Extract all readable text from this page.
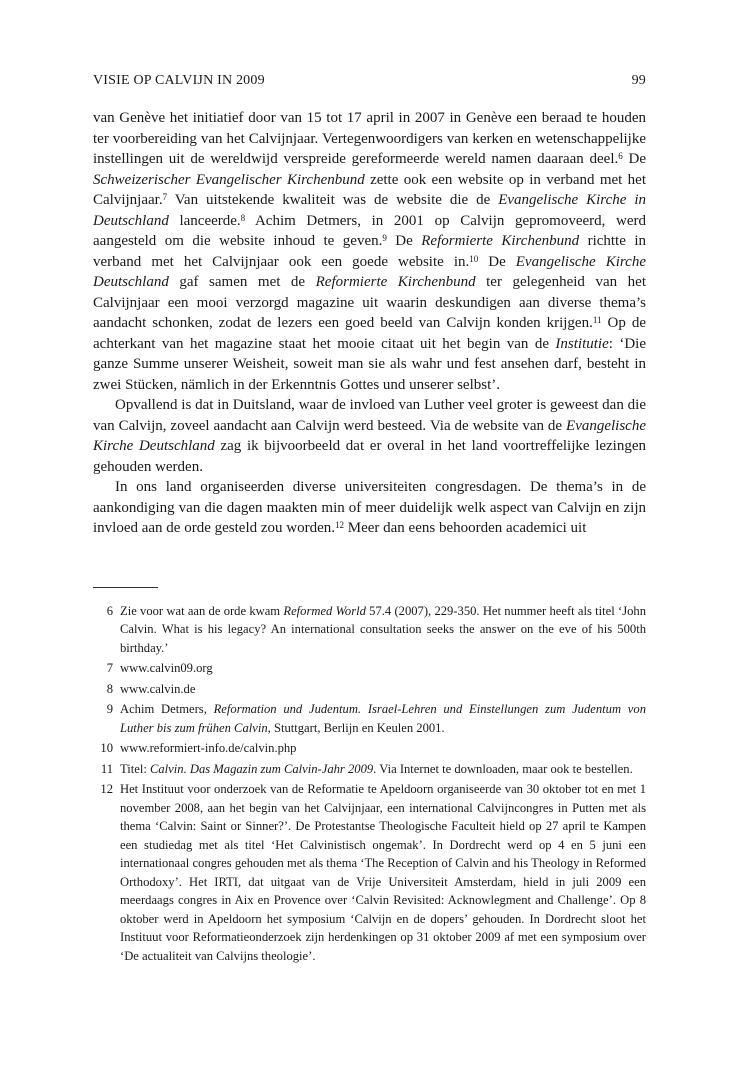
VISIE OP CALVIJN IN 2009	99

van Genève het initiatief door van 15 tot 17 april in 2007 in Genève een beraad te houden ter voorbereiding van het Calvijnjaar. Vertegenwoordigers van kerken en wetenschappelijke instellingen uit de wereldwijd verspreide gereformeerde wereld namen daaraan deel.$^6$ De Schweizerischer Evangelischer Kirchenbund zette ook een website op in verband met het Calvijnjaar.$^7$ Van uitstekende kwaliteit was de website die de Evangelische Kirche in Deutschland lanceerde.$^8$ Achim Detmers, in 2001 op Calvijn gepromoveerd, werd aangesteld om die website inhoud te geven.$^9$ De Reformierte Kirchenbund richtte in verband met het Calvijnjaar ook een goede website in.$^{10}$ De Evangelische Kirche Deutschland gaf samen met de Reformierte Kirchenbund ter gelegenheid van het Calvijnjaar een mooi verzorgd magazine uit waarin deskundigen aan diverse thema’s aandacht schonken, zodat de lezers een goed beeld van Calvijn konden krijgen.$^{11}$ Op de achterkant van het magazine staat het mooie citaat uit het begin van de Institutie: ‘Die ganze Summe unserer Weisheit, soweit man sie als wahr und fest ansehen darf, besteht in zwei Stücken, nämlich in der Erkenntnis Gottes und unserer selbst’.

Opvallend is dat in Duitsland, waar de invloed van Luther veel groter is geweest dan die van Calvijn, zoveel aandacht aan Calvijn werd besteed. Via de website van de Evangelische Kirche Deutschland zag ik bijvoorbeeld dat er overal in het land voortreffelijke lezingen gehouden werden.

In ons land organiseerden diverse universiteiten congresdagen. De thema’s in de aankondiging van die dagen maakten min of meer duidelijk welk aspect van Calvijn en zijn invloed aan de orde gesteld zou worden.$^{12}$ Meer dan eens behoorden academici uit

6 Zie voor wat aan de orde kwam Reformed World 57.4 (2007), 229-350. Het nummer heeft als titel ‘John Calvin. What is his legacy? An international consultation seeks the answer on the eve of his 500th birthday.’
7 www.calvin09.org
8 www.calvin.de
9 Achim Detmers, Reformation und Judentum. Israel-Lehren und Einstellungen zum Judentum von Luther bis zum frühen Calvin, Stuttgart, Berlijn en Keulen 2001.
10 www.reformiert-info.de/calvin.php
11 Titel: Calvin. Das Magazin zum Calvin-Jahr 2009. Via Internet te downloaden, maar ook te bestellen.
12 Het Instituut voor onderzoek van de Reformatie te Apeldoorn organiseerde van 30 oktober tot en met 1 november 2008, aan het begin van het Calvijnjaar, een international Calvijncongres in Putten met als thema ‘Calvin: Saint or Sinner?’. De Protestantse Theologische Faculteit hield op 27 april te Kampen een studiedag met als titel ‘Het Calvinistisch ongemak’. In Dordrecht werd op 4 en 5 juni een internationaal congres gehouden met als thema ‘The Reception of Calvin and his Theology in Reformed Orthodoxy’. Het IRTI, dat uitgaat van de Vrije Universiteit Amsterdam, hield in juli 2009 een meerdaags congres in Aix en Provence over ‘Calvin Revisited: Acknowlegment and Challenge’. Op 8 oktober werd in Apeldoorn het symposium ‘Calvijn en de dopers’ gehouden. In Dordrecht sloot het Instituut voor Reformatieonderzoek zijn herdenkingen op 31 oktober 2009 af met een symposium over ‘De actualiteit van Calvijns theologie’.
